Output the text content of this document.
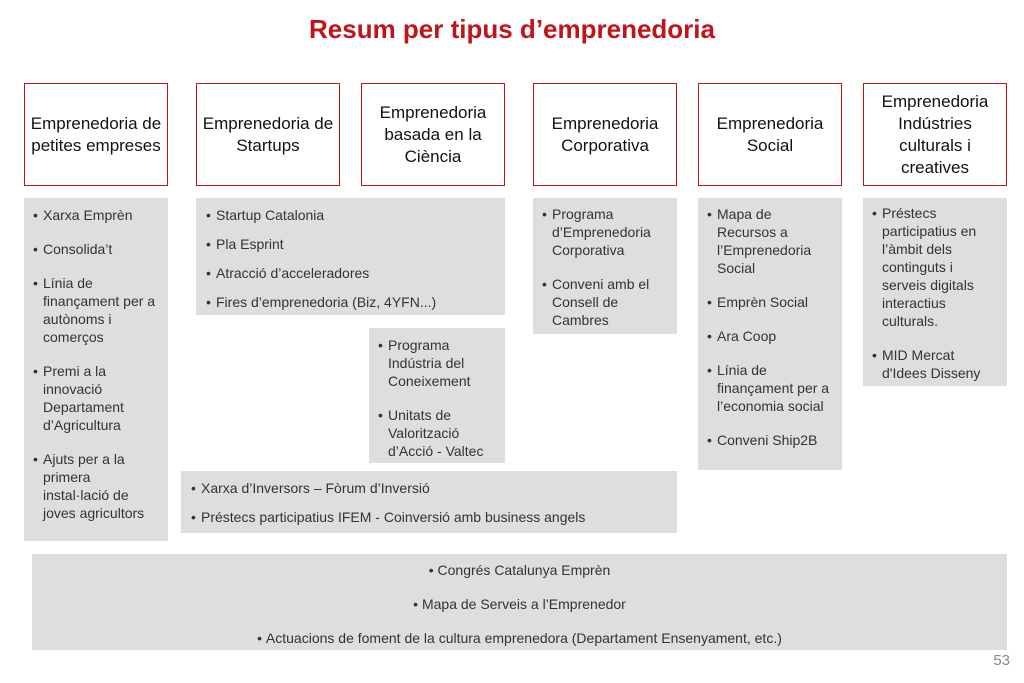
Resum per tipus d’emprenedoria
Emprenedoria de petites empreses
Emprenedoria de Startups
Emprenedoria basada en la Ciència
Emprenedoria Corporativa
Emprenedoria Social
Emprenedoria Indústries culturals i creatives
• Xarxa Emprèn
• Consolida’t
• Línia de finançament per a autònoms i comerços
• Premi a la innovació Departament d’Agricultura
• Ajuts per a la primera instal·lació de joves agricultors
• Startup Catalonia
• Pla Esprint
• Atracció d’acceleradores
• Fires d’emprenedoria (Biz, 4YFN...)
• Programa Indústria del Coneixement
• Unitats de Valorització d’Acció - Valtec
• Xarxa d’Inversors – Fòrum d’Inversió
• Préstecs participatius IFEM - Coinversió amb business angels
• Programa d’Emprenedoria Corporativa
• Conveni amb el Consell de Cambres
• Mapa de Recursos a l’Emprenedoria Social
• Emprèn Social
• Ara Coop
• Línia de finançament per a l’economia social
• Conveni Ship2B
• Préstecs participatius en l’àmbit dels continguts i serveis digitals interactius culturals.
• MID Mercat d'Idees Disseny
• Congrés Catalunya Emprèn
• Mapa de Serveis a l’Emprenedor
• Actuacions de foment de la cultura emprenedora (Departament Ensenyament, etc.)
53
